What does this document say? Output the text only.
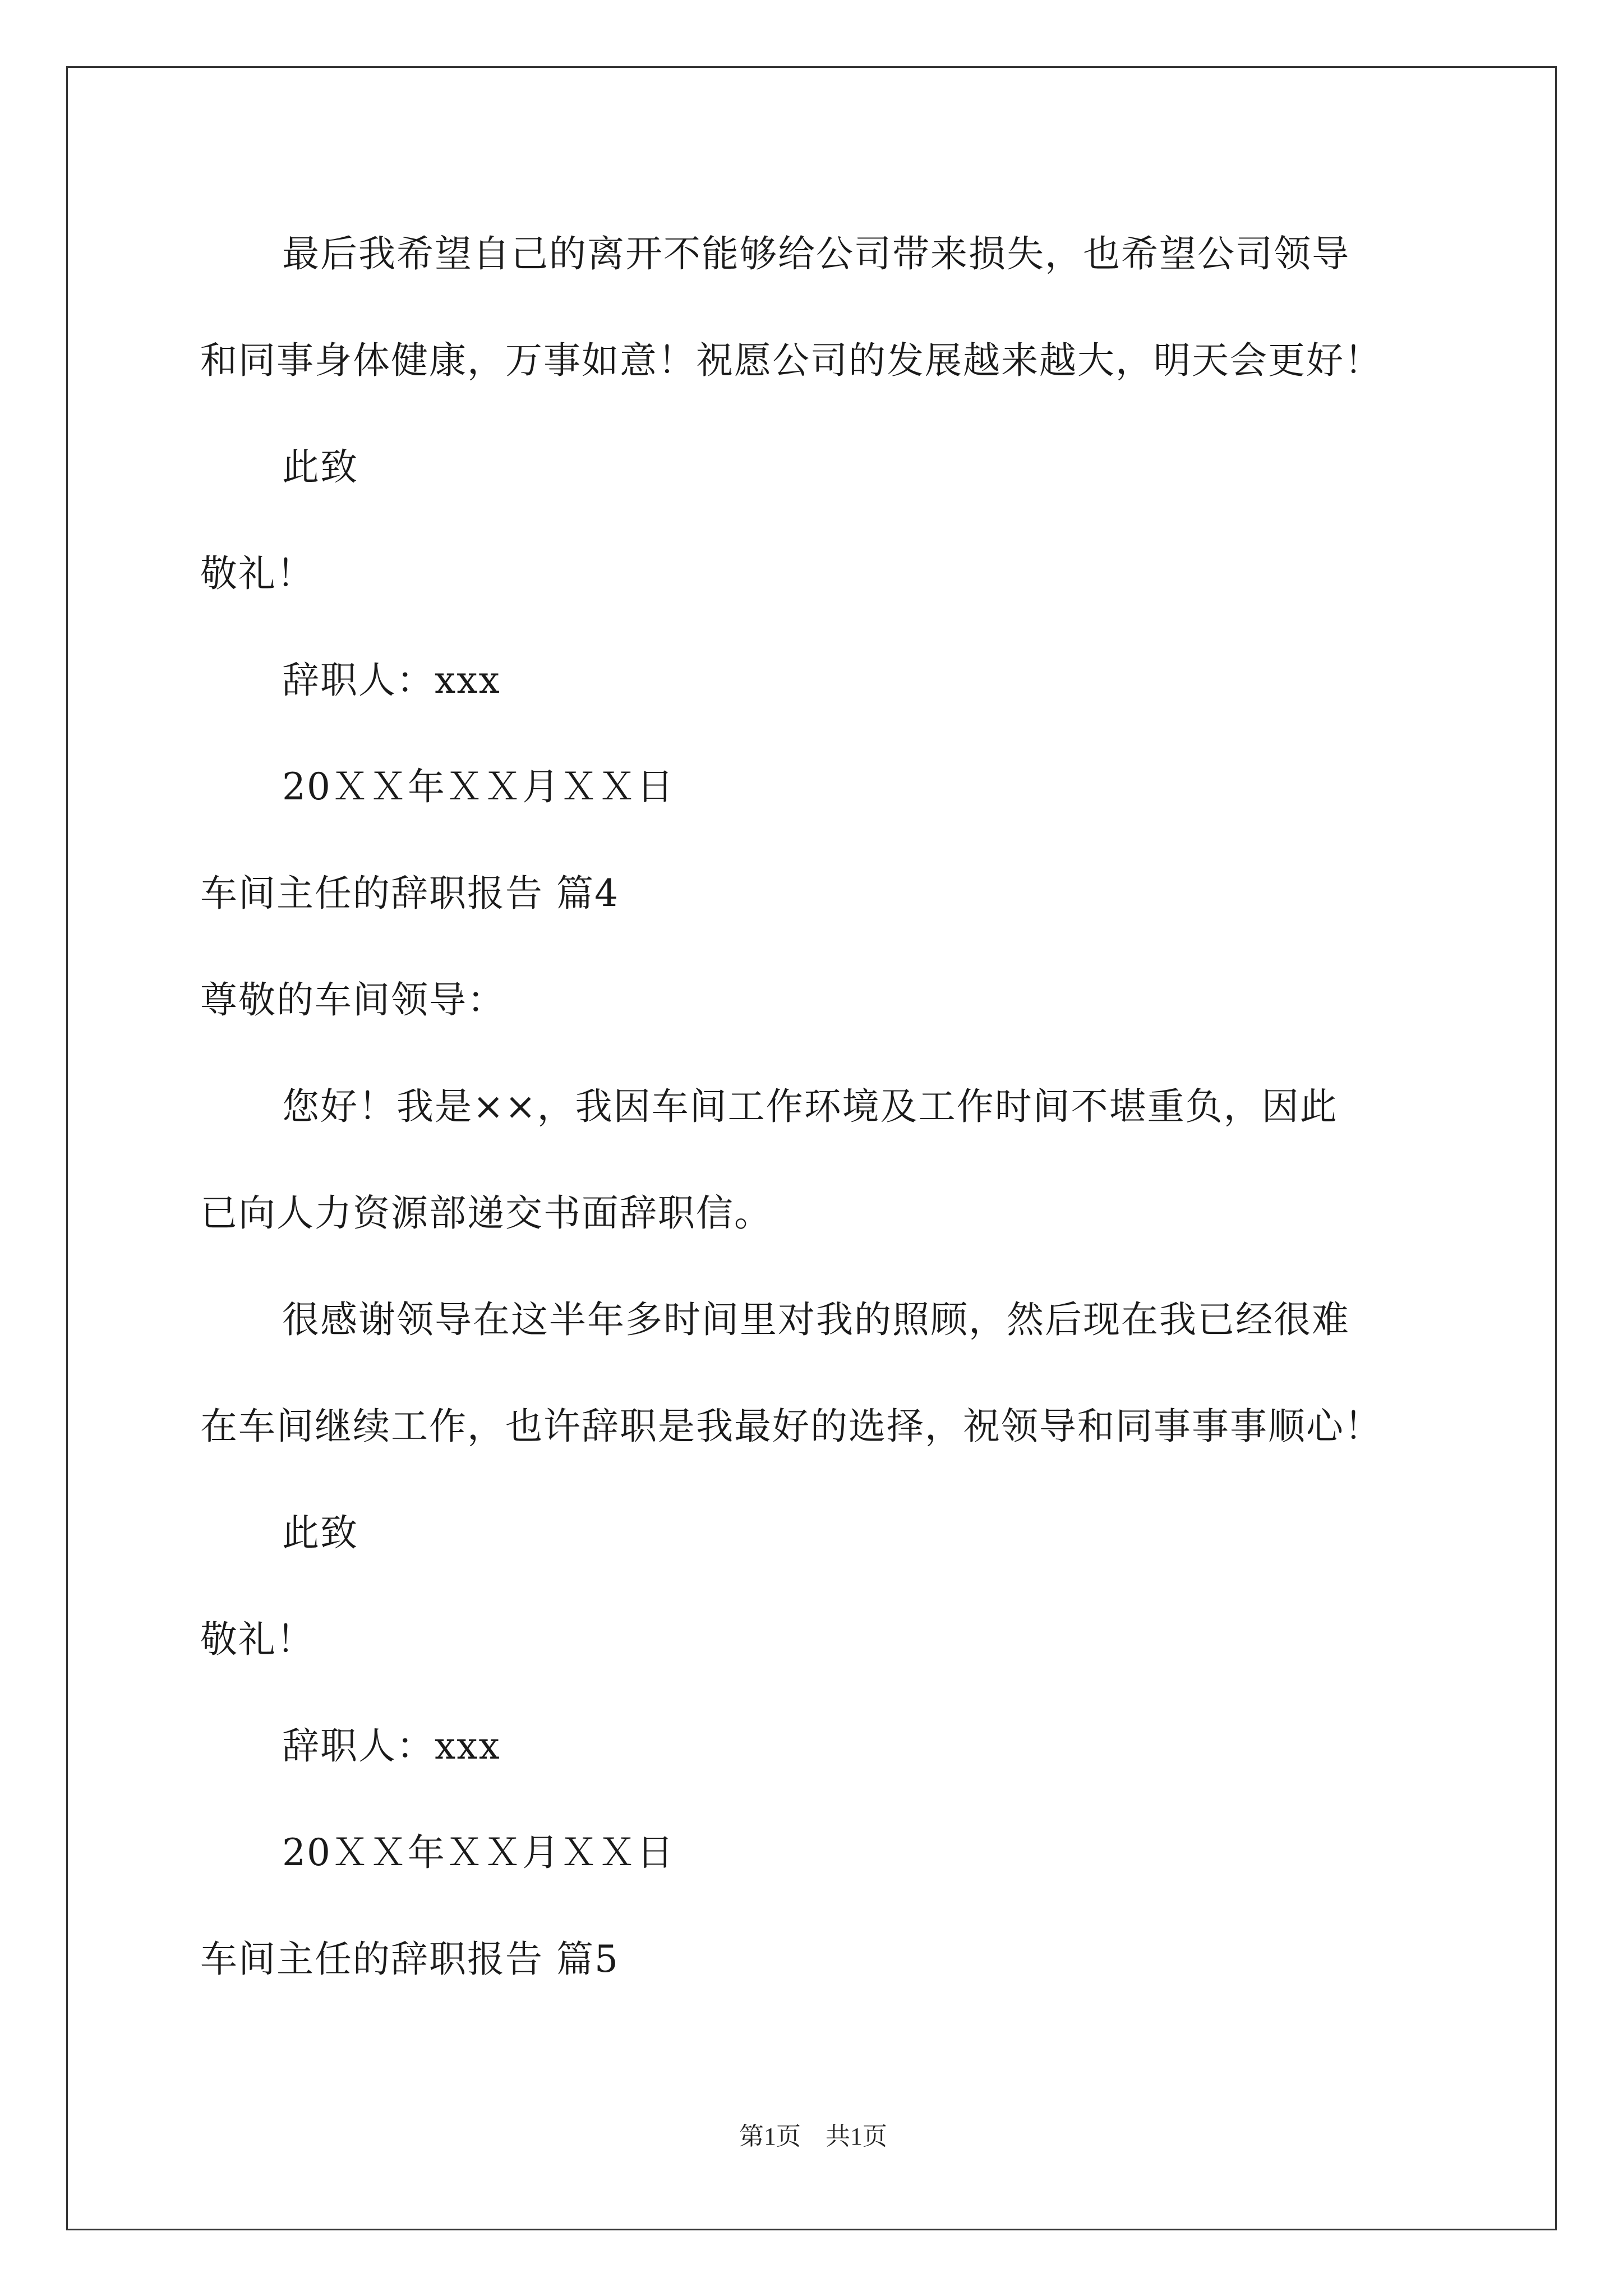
最后我希望自己的离开不能够给公司带来损失，也希望公司领导
和同事身体健康，万事如意！祝愿公司的发展越来越大，明天会更好！
此致
敬礼！
辞职人：xxx
20ＸＸ年ＸＸ月ＸＸ日
车间主任的辞职报告 篇4
尊敬的车间领导：
您好！我是××，我因车间工作环境及工作时间不堪重负，因此
已向人力资源部递交书面辞职信。
很感谢领导在这半年多时间里对我的照顾，然后现在我已经很难
在车间继续工作，也许辞职是我最好的选择，祝领导和同事事事顺心！
此致
敬礼！
辞职人：xxx
20ＸＸ年ＸＸ月ＸＸ日
车间主任的辞职报告 篇5
第1页　共1页
